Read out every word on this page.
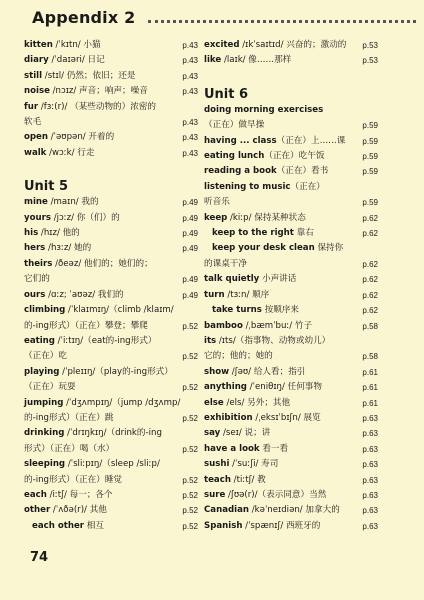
Appendix 2
kitten /ˈkɪtn/ 小猫	p.43
diary /ˈdaɪəri/ 日记	p.43
still /stɪl/ 仍然；依旧；还是	p.43
noise /nɔɪz/ 声音；响声；噪音	p.43
fur /fɜː(r)/ （某些动物的）浓密的
软毛	p.43
open /ˈəʊpən/ 开着的	p.43
walk /wɔːk/ 行走	p.43
Unit 5
mine /maɪn/ 我的	p.49
yours /jɔːz/ 你（们）的	p.49
his /hɪz/ 他的	p.49
hers /hɜːz/ 她的	p.49
theirs /ðeəz/ 他们的；她们的；
它们的	p.49
ours /ɑːz; ˈaʊəz/ 我们的	p.49
climbing /ˈklaɪmɪŋ/（climb /klaɪm/
的-ing形式）（正在）攀登；攀爬	p.52
eating /ˈiːtɪŋ/（eat的-ing形式）
（正在）吃	p.52
playing /ˈpleɪɪŋ/（play的-ing形式）
（正在）玩耍	p.52
jumping /ˈdʒʌmpɪŋ/（jump /dʒʌmp/
的-ing形式）（正在）跳	p.52
drinking /ˈdrɪŋkɪŋ/（drink的-ing
形式）（正在）喝（水）	p.52
sleeping /ˈsliːpɪŋ/（sleep /sliːp/
的-ing形式）（正在）睡觉	p.52
each /iːtʃ/ 每一；各个	p.52
other /ˈʌðə(r)/ 其他	p.52
each other 相互	p.52
excited /ɪkˈsaɪtɪd/ 兴奋的；激动的 p.53
like /laɪk/ 像……那样	p.53
Unit 6
doing morning exercises
（正在）做早操	p.59
having ... class（正在）上……课 p.59
eating lunch（正在）吃午饭	p.59
reading a book（正在）看书	p.59
listening to music（正在）
听音乐	p.59
keep /kiːp/ 保持某种状态	p.62
keep to the right 靠右	p.62
keep your desk clean 保持你
的课桌干净	p.62
talk quietly 小声讲话	p.62
turn /tɜːn/ 顺序	p.62
take turns 按顺序来	p.62
bamboo /ˌbæmˈbuː/ 竹子	p.58
its /ɪts/（指事物、动物或幼儿）
它的；他的；她的	p.58
show /ʃəʊ/ 给人看；指引	p.61
anything /ˈeniθɪŋ/ 任何事物	p.61
else /els/ 另外；其他	p.61
exhibition /ˌeksɪˈbɪʃn/ 展览	p.63
say /seɪ/ 说；讲	p.63
have a look 看一看	p.63
sushi /ˈsuːʃi/ 寿司	p.63
teach /tiːtʃ/ 教	p.63
sure /ʃʊə(r)/（表示同意）当然	p.63
Canadian /kəˈneɪdiən/ 加拿大的	p.63
Spanish /ˈspænɪʃ/ 西班牙的	p.63
74
